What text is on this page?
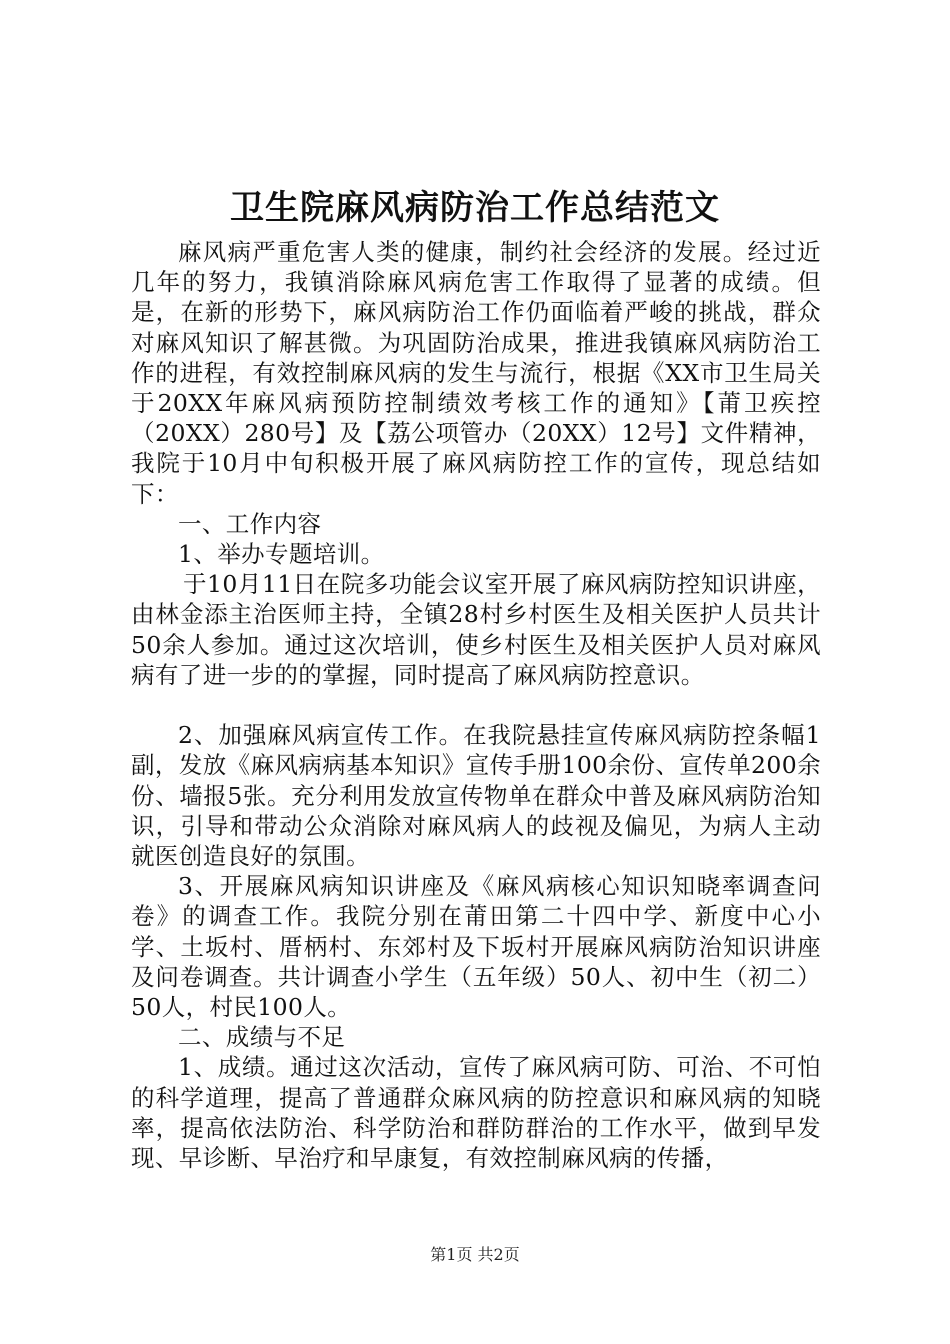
卫生院麻风病防治工作总结范文

麻风病严重危害人类的健康，制约社会经济的发展。经过近几年的努力，我镇消除麻风病危害工作取得了显著的成绩。但是，在新的形势下，麻风病防治工作仍面临着严峻的挑战，群众对麻风知识了解甚微。为巩固防治成果，推进我镇麻风病防治工作的进程，有效控制麻风病的发生与流行，根据《XX市卫生局关于20XX年麻风病预防控制绩效考核工作的通知》【莆卫疾控（20XX）280号】及【荔公项管办（20XX）12号】文件精神，我院于10月中旬积极开展了麻风病防控工作的宣传，现总结如下：

一、工作内容

1、举办专题培训。

于10月11日在院多功能会议室开展了麻风病防控知识讲座，由林金添主治医师主持，全镇28村乡村医生及相关医护人员共计50余人参加。通过这次培训，使乡村医生及相关医护人员对麻风病有了进一步的的掌握，同时提高了麻风病防控意识。

2、加强麻风病宣传工作。在我院悬挂宣传麻风病防控条幅1副，发放《麻风病病基本知识》宣传手册100余份、宣传单200余份、墙报5张。充分利用发放宣传物单在群众中普及麻风病防治知识，引导和带动公众消除对麻风病人的歧视及偏见，为病人主动就医创造良好的氛围。

3、开展麻风病知识讲座及《麻风病核心知识知晓率调查问卷》的调查工作。我院分别在莆田第二十四中学、新度中心小学、土坂村、厝柄村、东郊村及下坂村开展麻风病防治知识讲座及问卷调查。共计调查小学生（五年级）50人、初中生（初二）50人，村民100人。

二、成绩与不足

1、成绩。通过这次活动，宣传了麻风病可防、可治、不可怕的科学道理，提高了普通群众麻风病的防控意识和麻风病的知晓率，提高依法防治、科学防治和群防群治的工作水平，做到早发现、早诊断、早治疗和早康复，有效控制麻风病的传播，

第1页 共2页
